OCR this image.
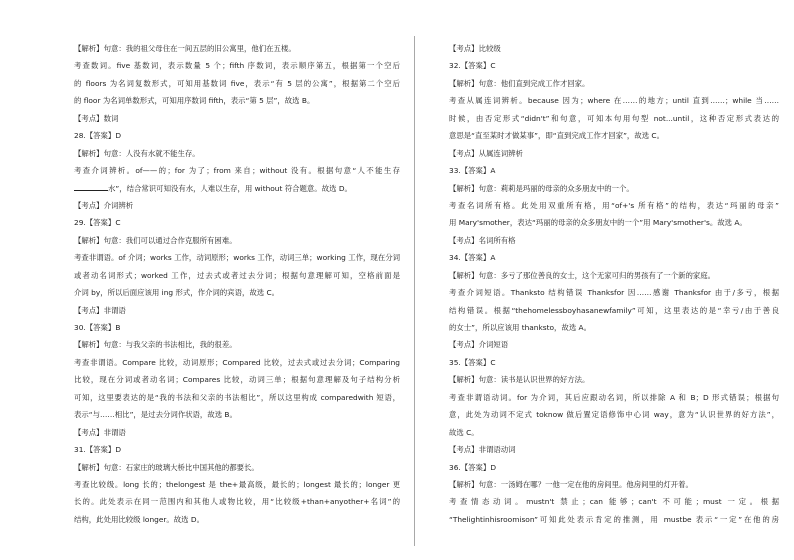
【解析】句意：我的祖父母住在一间五层的旧公寓里，他们在五楼。
考查数词。five 基数词，表示数量 5 个；fifth 序数词，表示顺序第五，根据第一个空后
的 floors 为名词复数形式，可知用基数词 five，表示“有 5 层的公寓”，根据第二个空后
的 floor 为名词单数形式，可知用序数词 fifth，表示“第 5 层”，故选 B。
【考点】数词
28.【答案】D
【解析】句意：人没有水就不能生存。
考查介词辨析。of——的；for 为了；from 来自；without 没有。根据句意“人不能生存
水”，结合常识可知没有水，人难以生存，用 without 符合题意。故选 D。
【考点】介词辨析
29.【答案】C
【解析】句意：我们可以通过合作克服所有困难。
考查非谓语。of 介词；works 工作，动词原形；works 工作，动词三单；working 工作，现在分词
或者动名词形式；worked 工作，过去式或者过去分词；根据句意理解可知，空格前面是
介词 by，所以后面应该用 ing 形式，作介词的宾语，故选 C。
【考点】非谓语
30.【答案】B
【解析】句意：与我父亲的书法相比，我的很差。
考查非谓语。Compare 比较，动词原形；Compared 比较，过去式或过去分词；Comparing
比较，现在分词或者动名词；Compares 比较，动词三单；根据句意理解及句子结构分析
可知，这里要表达的是“我的书法和父亲的书法相比”，所以这里构成 comparedwith 短语，
表示“与……相比”，是过去分词作状语，故选 B。
【考点】非谓语
31.【答案】D
【解析】句意：石家庄的玻璃大桥比中国其他的都要长。
考查比较级。long 长的；thelongest 是 the+最高级，最长的；longest 最长的；longer 更
长的。此处表示在同一范围内和其他人或物比较，用“比较级+than+anyother+名词”的
结构，此处用比较级 longer。故选 D。
【考点】比较级
32.【答案】C
【解析】句意：他们直到完成工作才回家。
考查从属连词辨析。because 因为；where 在……的地方；until 直到……；while 当……
时候，由否定形式“didn't”和句意，可知本句用句型 not...until，这种否定形式表达的
意思是“直至某时才做某事”，即“直到完成工作才回家”，故选 C。
【考点】从属连词辨析
33.【答案】A
【解析】句意：莉莉是玛丽的母亲的众多朋友中的一个。
考查名词所有格。此处用双重所有格，用“of+'s 所有格”的结构，表达“玛丽的母亲”
用 Mary'smother，表达“玛丽的母亲的众多朋友中的一个”用 Mary'smother's。故选 A。
【考点】名词所有格
34.【答案】A
【解析】句意：多亏了那位善良的女士，这个无家可归的男孩有了一个新的家庭。
考查介词短语。Thanksto 结构错误 Thanksfor 因……感谢 Thanksfor 由于/多亏，根据
结构错误。根据“thehomelessboyhasanewfamily”可知，这里表达的是“幸亏/由于善良
的女士”，所以应该用 thanksto，故选 A。
【考点】介词短语
35.【答案】C
【解析】句意：读书是认识世界的好方法。
考查非谓语动词。for 为介词，其后应跟动名词，所以排除 A 和 B；D 形式错误；根据句
意，此处为动词不定式 toknow 做后置定语修饰中心词 way，意为“认识世界的好方法”，
故选 C。
【考点】非谓语动词
36.【答案】D
【解析】句意：一汤姆在哪？一他一定在他的房间里。他房间里的灯开着。
考查情态动词。mustn't 禁止；can 能够；can't 不可能；must 一定。根据
“Thelightinhisroomison”可知此处表示肯定的推测，用 mustbe 表示“一定”在他的房
